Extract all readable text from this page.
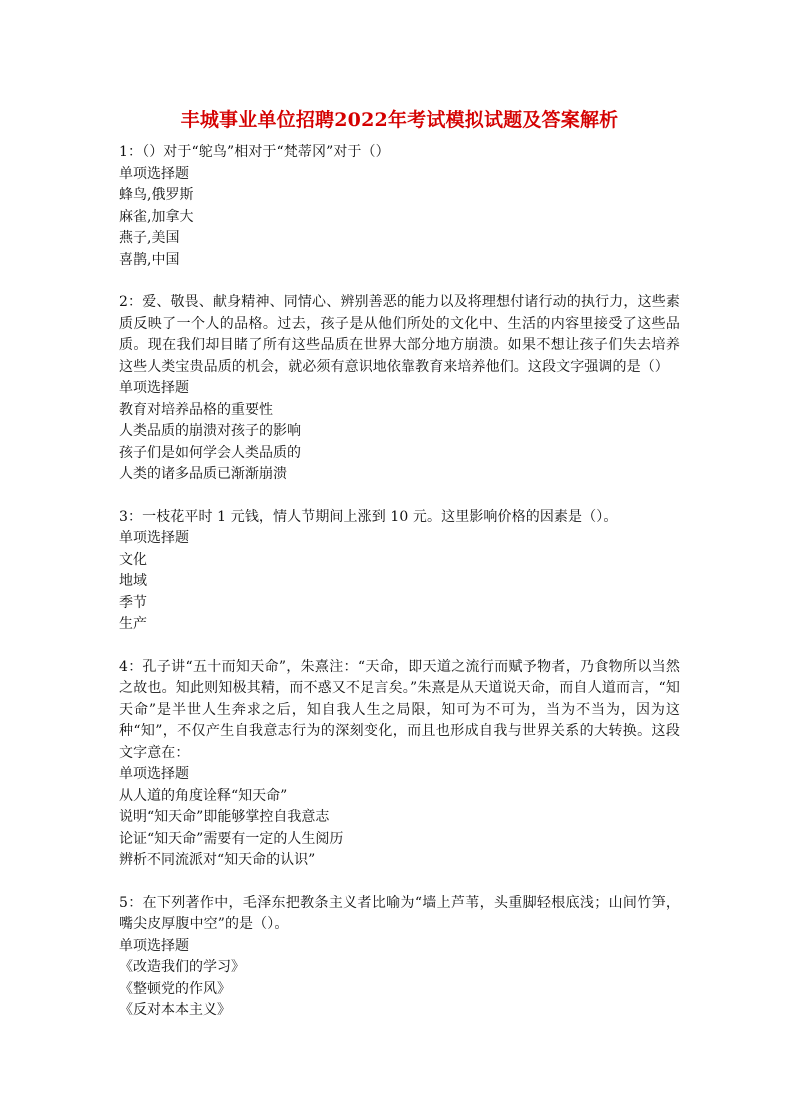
丰城事业单位招聘2022年考试模拟试题及答案解析

1：（）对于“鸵鸟”相对于“梵蒂冈”对于（）

单项选择题

蜂鸟,俄罗斯

麻雀,加拿大

燕子,美国

喜鹊,中国

2：爱、敬畏、献身精神、同情心、辨别善恶的能力以及将理想付诸行动的执行力，这些素质反映了一个人的品格。过去，孩子是从他们所处的文化中、生活的内容里接受了这些品质。现在我们却目睹了所有这些品质在世界大部分地方崩溃。如果不想让孩子们失去培养这些人类宝贵品质的机会，就必须有意识地依靠教育来培养他们。这段文字强调的是（）

单项选择题

教育对培养品格的重要性

人类品质的崩溃对孩子的影响

孩子们是如何学会人类品质的

人类的诸多品质已渐渐崩溃

3：一枝花平时 1 元钱，情人节期间上涨到 10 元。这里影响价格的因素是（）。

单项选择题

文化

地域

季节

生产

4：孔子讲“五十而知天命”，朱熹注：“天命，即天道之流行而赋予物者，乃食物所以当然之故也。知此则知极其精，而不惑又不足言矣。”朱熹是从天道说天命，而自人道而言，“知天命”是半世人生奔求之后，知自我人生之局限，知可为不可为，当为不当为，因为这种“知”，不仅产生自我意志行为的深刻变化，而且也形成自我与世界关系的大转换。这段文字意在：

单项选择题

从人道的角度诠释“知天命”

说明“知天命”即能够掌控自我意志

论证“知天命”需要有一定的人生阅历

辨析不同流派对“知天命的认识”

5：在下列著作中，毛泽东把教条主义者比喻为“墙上芦苇，头重脚轻根底浅；山间竹笋，嘴尖皮厚腹中空”的是（）。

单项选择题

《改造我们的学习》

《整顿党的作风》

《反对本本主义》
